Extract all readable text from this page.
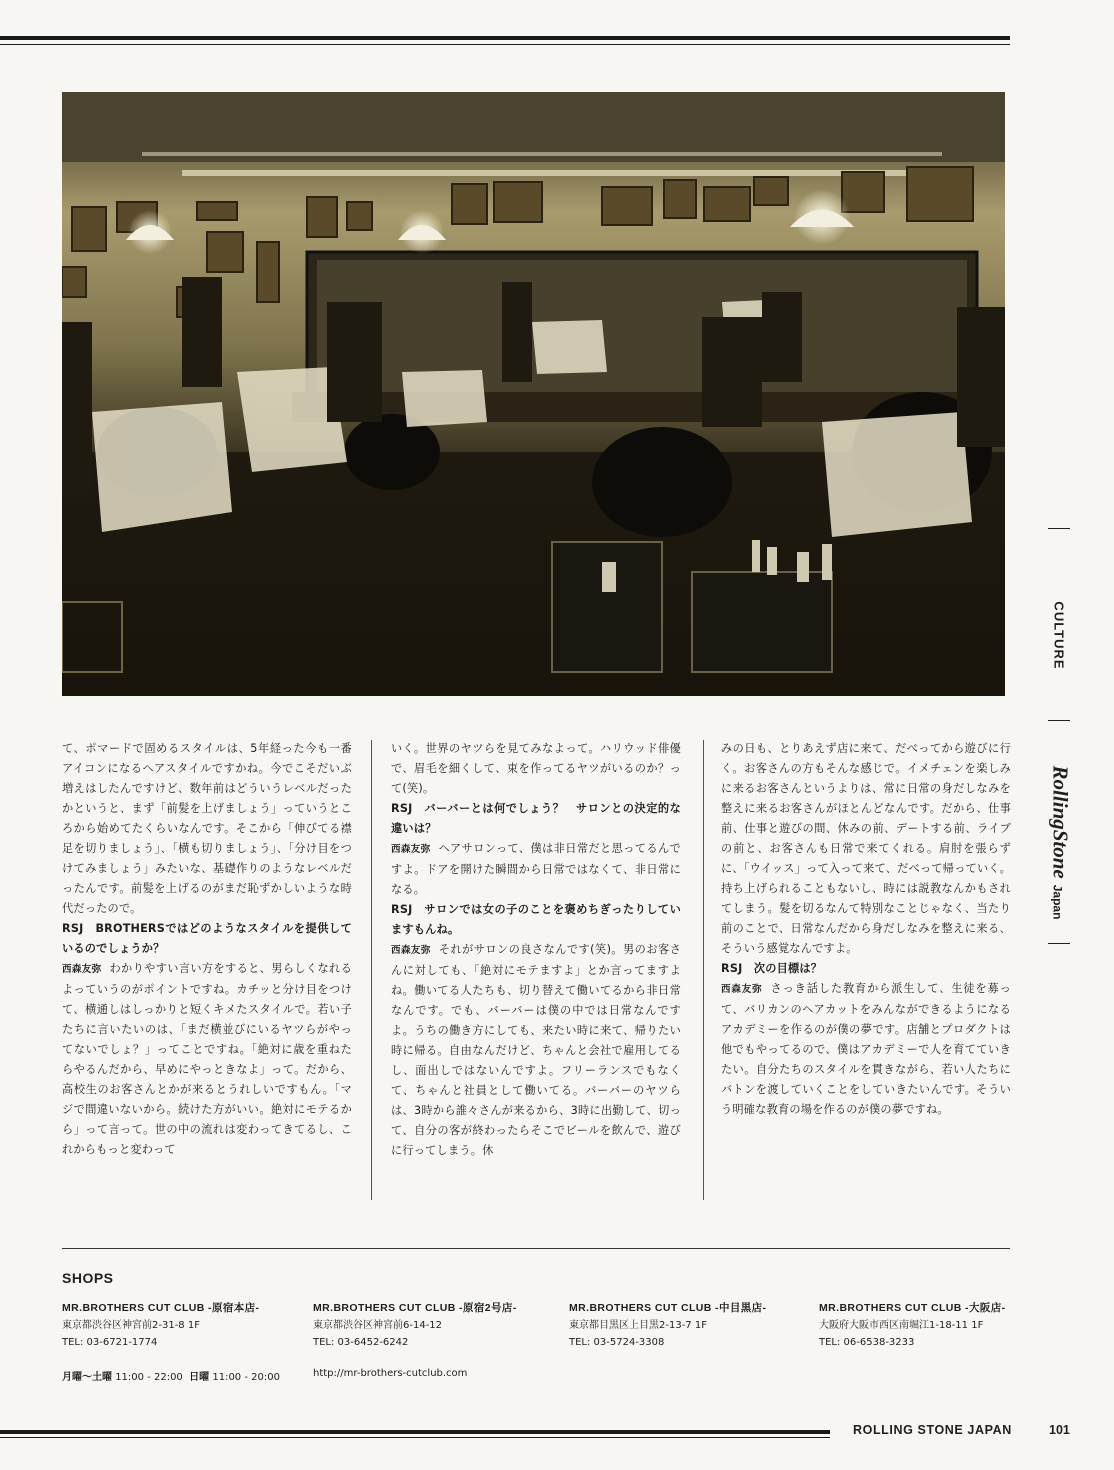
CULTURE
RollingStone
Japan

て、ポマードで固めるスタイルは、5年経った今も一番アイコンになるヘアスタイルですかね。今でこそだいぶ増えはしたんですけど、数年前はどういうレベルだったかというと、まず「前髪を上げましょう」っていうところから始めてたくらいなんです。そこから「伸びてる襟足を切りましょう」、「横も切りましょう」、「分け目をつけてみましょう」みたいな、基礎作りのようなレベルだったんです。前髪を上げるのがまだ恥ずかしいような時代だったので。

RSJ　BROTHERSではどのようなスタイルを提供しているのでしょうか？

西森友弥 わかりやすい言い方をすると、男らしくなれるよっていうのがポイントですね。カチッと分け目をつけて、横通しはしっかりと短くキメたスタイルで。若い子たちに言いたいのは、「まだ横並びにいるヤツらがやってないでしょ？」ってことですね。「絶対に歳を重ねたらやるんだから、早めにやっときなよ」って。だから、高校生のお客さんとかが来るとうれしいですもん。「マジで間違いないから。続けた方がいい。絶対にモテるから」って言って。世の中の流れは変わってきてるし、これからもっと変わって

いく。世界のヤツらを見てみなよって。ハリウッド俳優で、眉毛を細くして、束を作ってるヤツがいるのか？って(笑)。

RSJ　バーバーとは何でしょう？　サロンとの決定的な違いは？

西森友弥 ヘアサロンって、僕は非日常だと思ってるんですよ。ドアを開けた瞬間から日常ではなくて、非日常になる。

RSJ　サロンでは女の子のことを褒めちぎったりしていますもんね。

西森友弥 それがサロンの良さなんです(笑)。男のお客さんに対しても、「絶対にモテますよ」とか言ってますよね。働いてる人たちも、切り替えて働いてるから非日常なんです。でも、バーバーは僕の中では日常なんですよ。うちの働き方にしても、来たい時に来て、帰りたい時に帰る。自由なんだけど、ちゃんと会社で雇用してるし、面出しではないんですよ。フリーランスでもなくて、ちゃんと社員として働いてる。バーバーのヤツらは、3時から誰々さんが来るから、3時に出勤して、切って、自分の客が終わったらそこでビールを飲んで、遊びに行ってしまう。休

みの日も、とりあえず店に来て、だべってから遊びに行く。お客さんの方もそんな感じで。イメチェンを楽しみに来るお客さんというよりは、常に日常の身だしなみを整えに来るお客さんがほとんどなんです。だから、仕事前、仕事と遊びの間、休みの前、デートする前、ライブの前と、お客さんも日常で来てくれる。肩肘を張らずに、「ウイッス」って入って来て、だべって帰っていく。持ち上げられることもないし、時には説教なんかもされてしまう。髪を切るなんて特別なことじゃなく、当たり前のことで、日常なんだから身だしなみを整えに来る、そういう感覚なんですよ。

RSJ　次の目標は？

西森友弥 さっき話した教育から派生して、生徒を募って、バリカンのヘアカットをみんなができるようになるアカデミーを作るのが僕の夢です。店舗とプロダクトは他でもやってるので、僕はアカデミーで人を育てていきたい。自分たちのスタイルを貫きながら、若い人たちにバトンを渡していくことをしていきたいんです。そういう明確な教育の場を作るのが僕の夢ですね。

SHOPS
MR.BROTHERS CUT CLUB -原宿本店-
東京都渋谷区神宮前2-31-8 1F
TEL: 03-6721-1774
MR.BROTHERS CUT CLUB -原宿2号店-
東京都渋谷区神宮前6-14-12
TEL: 03-6452-6242
MR.BROTHERS CUT CLUB -中目黒店-
東京都目黒区上目黒2-13-7 1F
TEL: 03-5724-3308
MR.BROTHERS CUT CLUB -大阪店-
大阪府大阪市西区南堀江1-18-11 1F
TEL: 06-6538-3233
月曜～土曜 11:00 - 22:00 日曜 11:00 - 20:00	http://mr-brothers-cutclub.com
ROLLING STONE JAPAN	101
